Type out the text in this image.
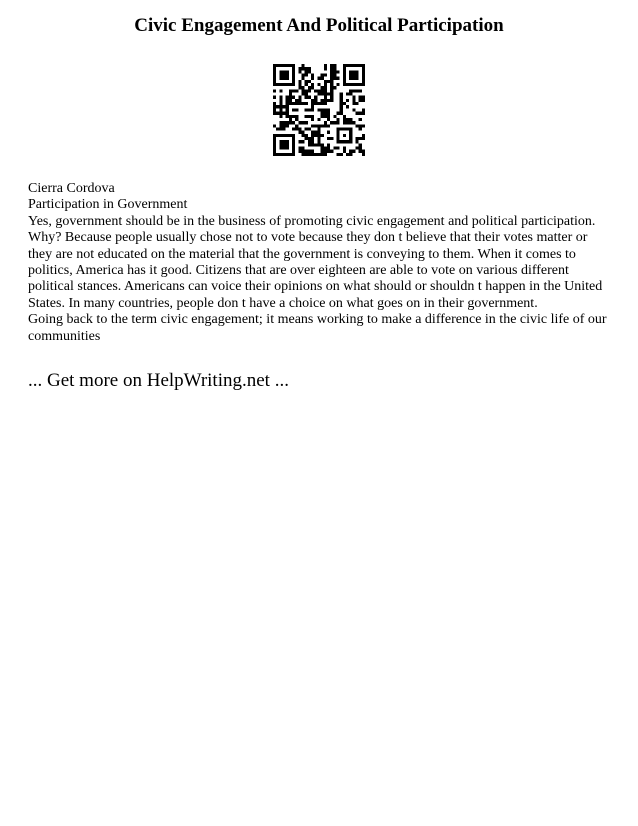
Civic Engagement And Political Participation

Cierra Cordova

Participation in Government

Yes, government should be in the business of promoting civic engagement and political participation. Why? Because people usually chose not to vote because they don t believe that their votes matter or they are not educated on the material that the government is conveying to them. When it comes to politics, America has it good. Citizens that are over eighteen are able to vote on various different political stances. Americans can voice their opinions on what should or shouldn t happen in the United States. In many countries, people don t have a choice on what goes on in their government.

Going back to the term civic engagement; it means working to make a difference in the civic life of our communities

... Get more on HelpWriting.net ...
